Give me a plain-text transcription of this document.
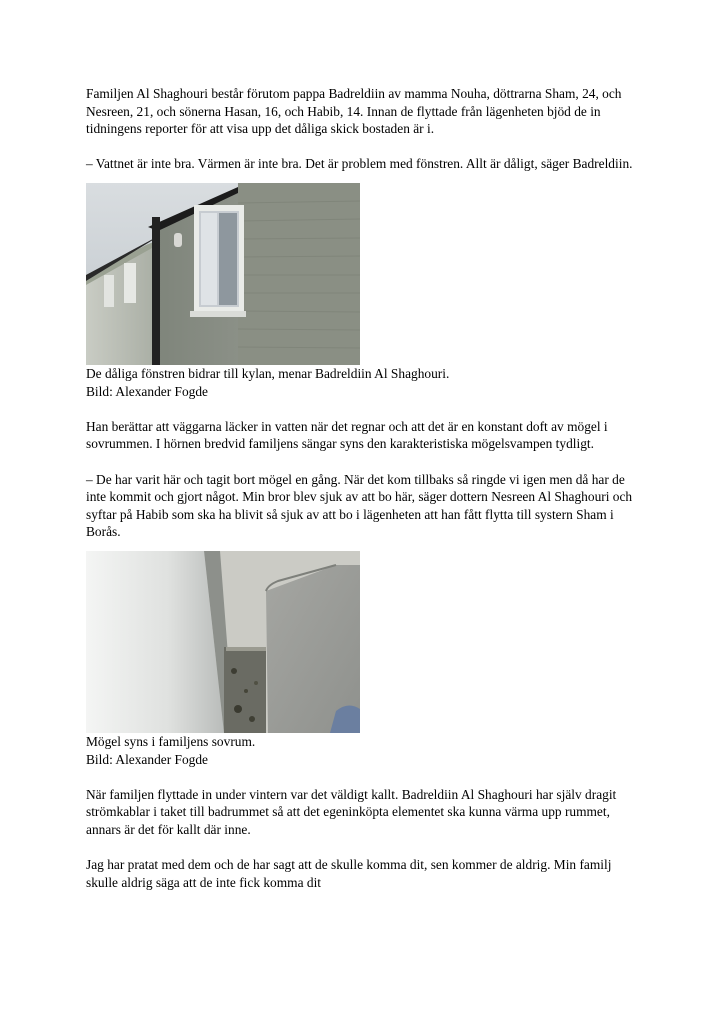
Familjen Al Shaghouri består förutom pappa Badreldiin av mamma Nouha, döttrarna Sham, 24, och Nesreen, 21, och sönerna Hasan, 16, och Habib, 14. Innan de flyttade från lägenheten bjöd de in tidningens reporter för att visa upp det dåliga skick bostaden är i.

– Vattnet är inte bra. Värmen är inte bra. Det är problem med fönstren. Allt är dåligt, säger Badreldiin.

De dåliga fönstren bidrar till kylan, menar Badreldiin Al Shaghouri.

Bild: Alexander Fogde

Han berättar att väggarna läcker in vatten när det regnar och att det är en konstant doft av mögel i sovrummen. I hörnen bredvid familjens sängar syns den karakteristiska mögelsvampen tydligt.

– De har varit här och tagit bort mögel en gång. När det kom tillbaks så ringde vi igen men då har de inte kommit och gjort något. Min bror blev sjuk av att bo här, säger dottern Nesreen Al Shaghouri och syftar på Habib som ska ha blivit så sjuk av att bo i lägenheten att han fått flytta till systern Sham i Borås.

Mögel syns i familjens sovrum.

Bild: Alexander Fogde

När familjen flyttade in under vintern var det väldigt kallt. Badreldiin Al Shaghouri har själv dragit strömkablar i taket till badrummet så att det egeninköpta elementet ska kunna värma upp rummet, annars är det för kallt där inne.

Jag har pratat med dem och de har sagt att de skulle komma dit, sen kommer de aldrig. Min familj skulle aldrig säga att de inte fick komma dit
